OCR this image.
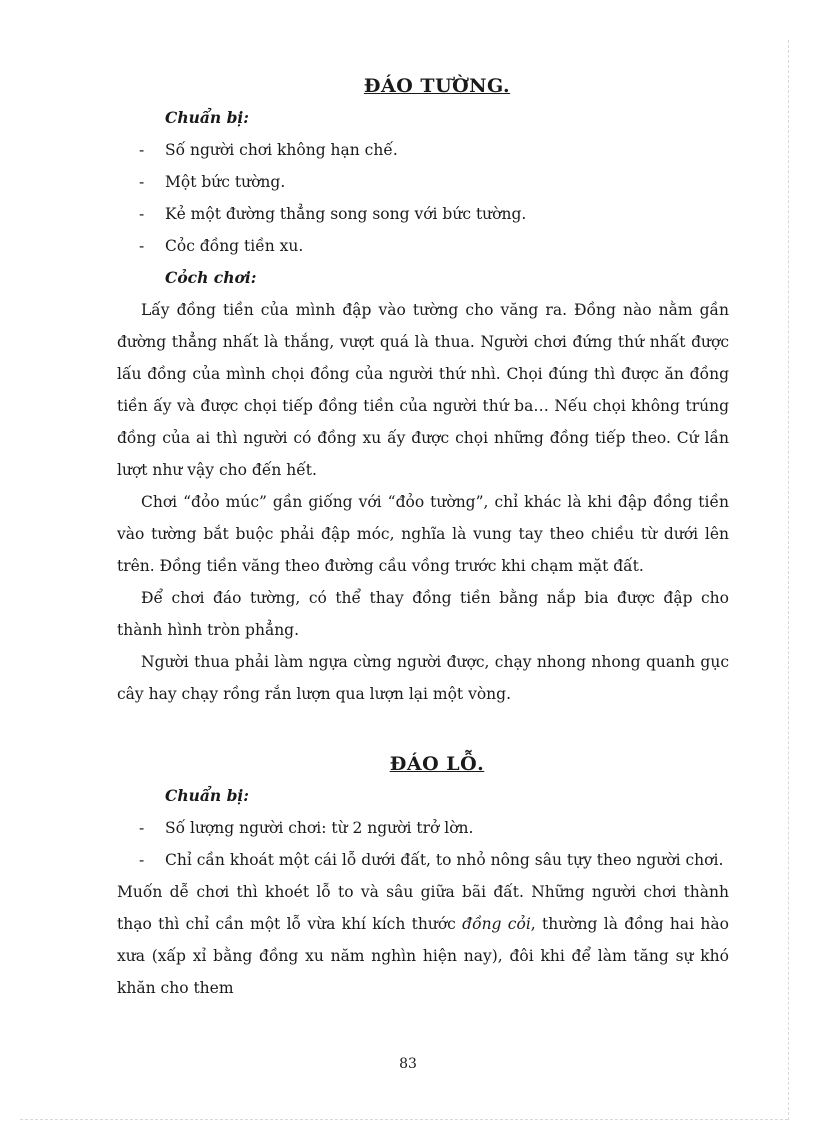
ĐÁO TƯỜNG.

Chuẩn bị:

- Số người chơi không hạn chế.
- Một bức tường.
- Kẻ một đường thẳng song song với bức tường.
- Cỏc đồng tiền xu.

Cỏch chơi:

Lấy đồng tiền của mình đập vào tường cho văng ra. Đồng nào nằm gần đường thẳng nhất là thắng, vượt quá là thua. Người chơi đứng thứ nhất được lấu đồng của mình chọi đồng của người thứ nhì. Chọi đúng thì được ăn đồng tiền ấy và được chọi tiếp đồng tiền của người thứ ba… Nếu chọi không trúng đồng của ai thì người có đồng xu ấy được chọi những đồng tiếp theo. Cứ lần lượt như vậy cho đến hết.

Chơi “đỏo múc” gần giống với “đỏo tường”, chỉ khác là khi đập đồng tiền vào tường bắt buộc phải đập móc, nghĩa là vung tay theo chiều từ dưới lên trên. Đồng tiền văng theo đường cầu vồng trước khi chạm mặt đất.

Để chơi đáo tường, có thể thay đồng tiền bằng nắp bia được đập cho thành hình tròn phẳng.

Người thua phải làm ngựa cừng người được, chạy nhong nhong quanh gục cây hay chạy rồng rắn lượn qua lượn lại một vòng.

ĐÁO LỖ.

Chuẩn bị:

- Số lượng người chơi: từ 2 người trở lờn.
- Chỉ cần khoát một cái lỗ dưới đất, to nhỏ nông sâu tựy theo người chơi.

Muốn dễ chơi thì khoét lỗ to và sâu giữa bãi đất. Những người chơi thành thạo thì chỉ cần một lỗ vừa khí kích thước đồng cỏi, thường là đồng hai hào xưa (xấp xỉ bằng đồng xu năm nghìn hiện nay), đôi khi để làm tăng sự khó khăn cho them

83
